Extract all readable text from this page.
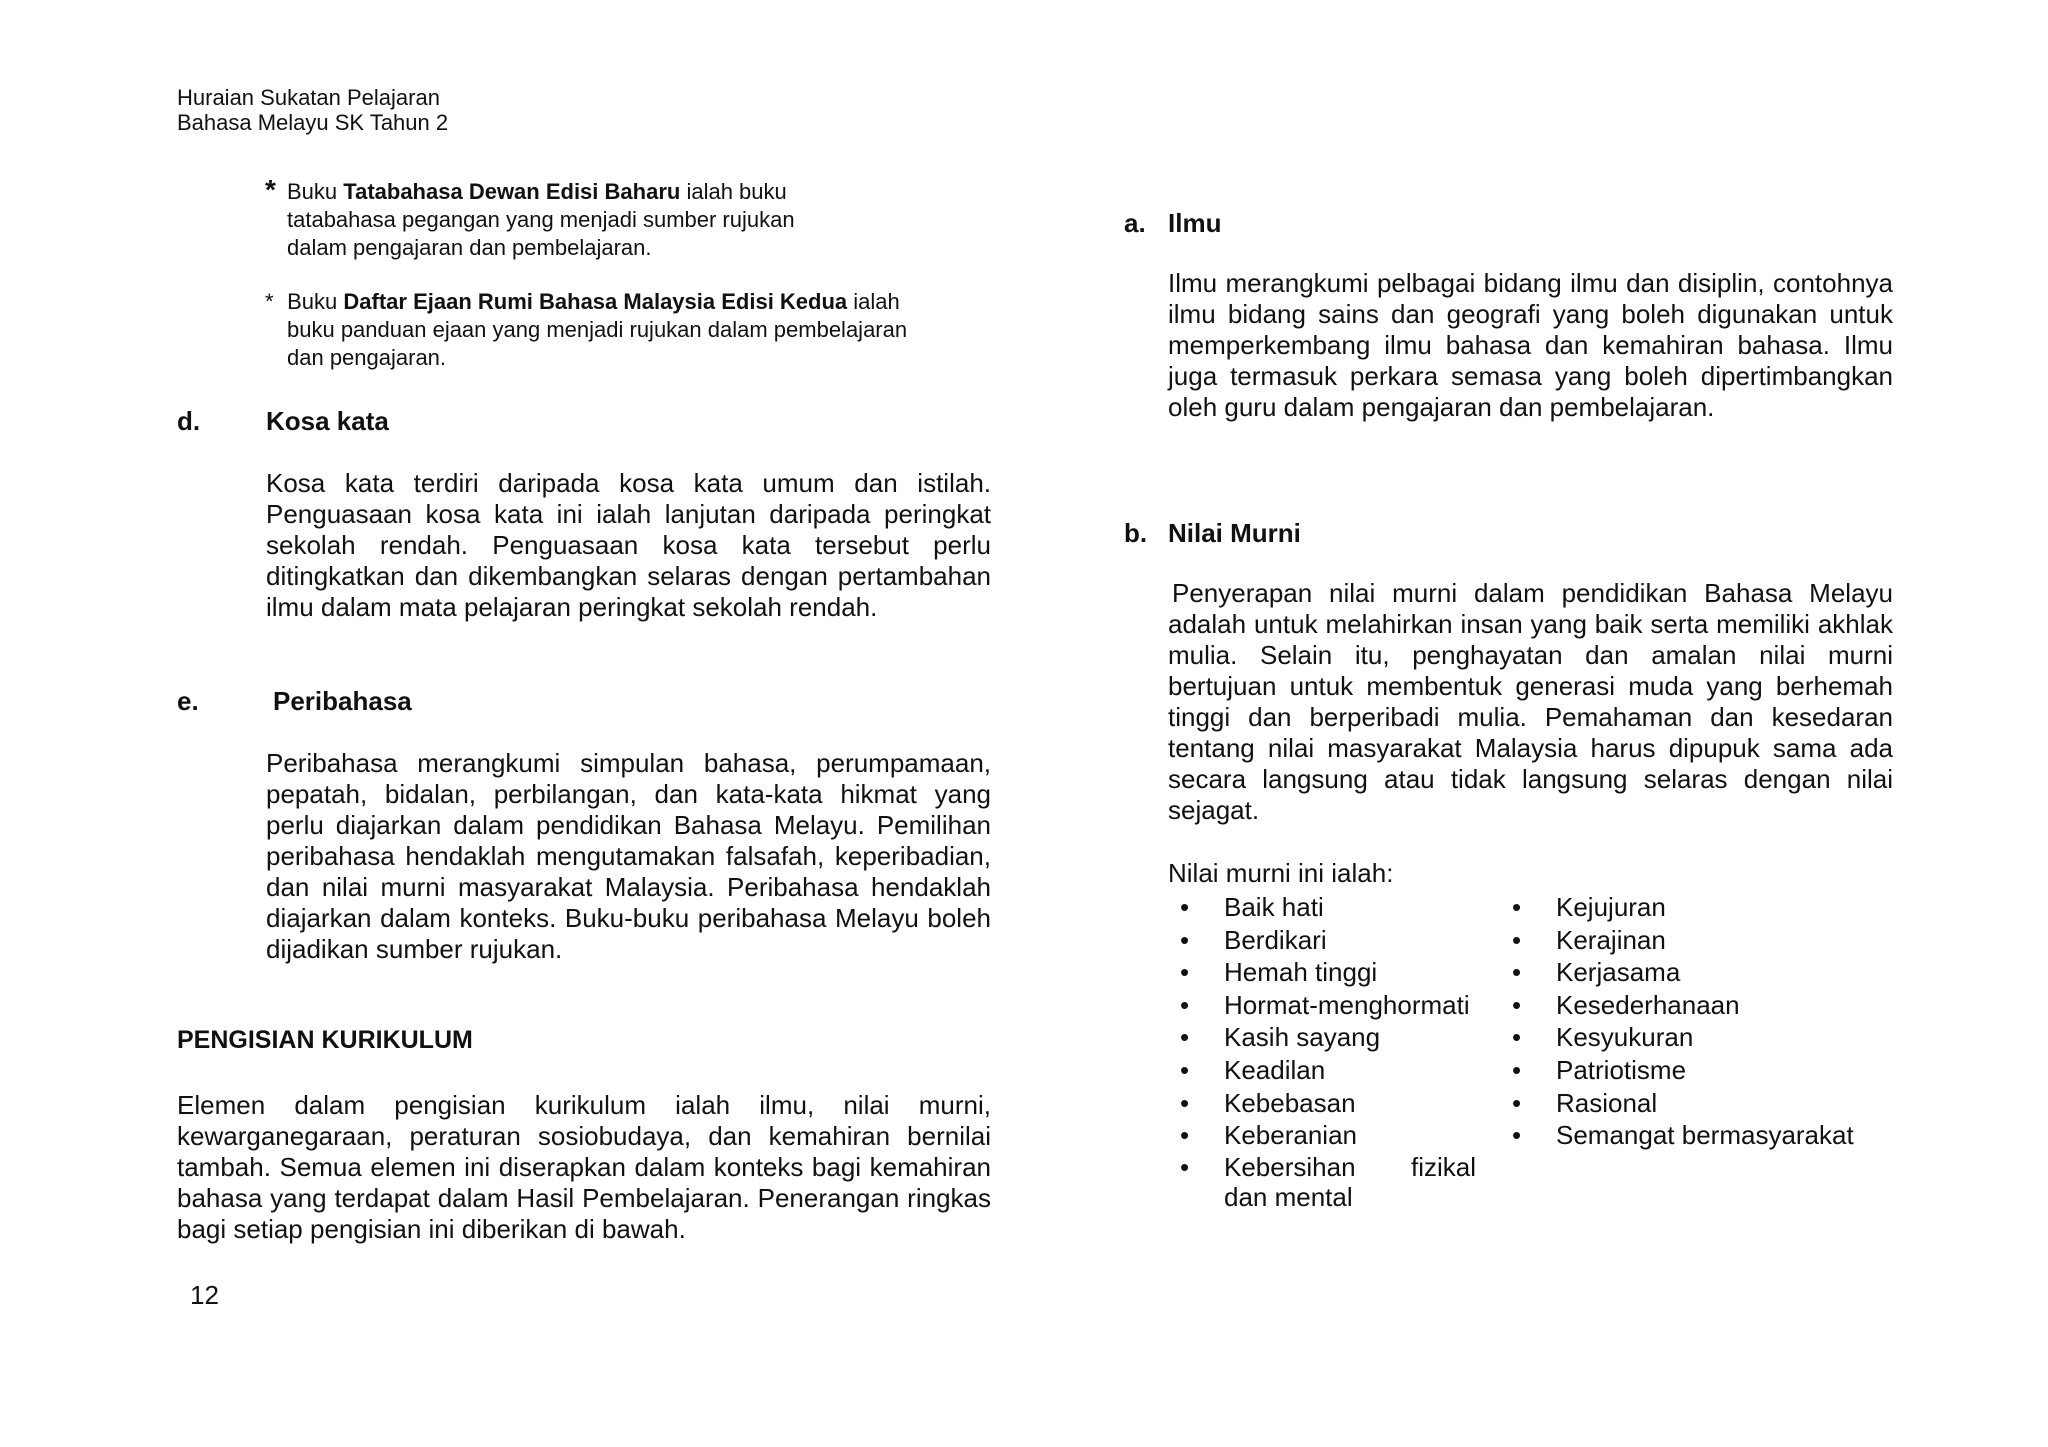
Huraian Sukatan Pelajaran
Bahasa Melayu SK Tahun 2
* Buku Tatabahasa Dewan Edisi Baharu ialah buku
tatabahasa pegangan yang menjadi sumber rujukan
dalam pengajaran dan pembelajaran.
* Buku Daftar Ejaan Rumi Bahasa Malaysia Edisi Kedua ialah
buku panduan ejaan yang menjadi rujukan dalam pembelajaran
dan pengajaran.
d.	Kosa kata
Kosa kata terdiri daripada kosa kata umum dan istilah. Penguasaan kosa kata ini ialah lanjutan daripada peringkat sekolah rendah. Penguasaan kosa kata tersebut perlu ditingkatkan dan dikembangkan selaras dengan pertambahan ilmu dalam mata pelajaran peringkat sekolah rendah.
e.	Peribahasa
Peribahasa merangkumi simpulan bahasa, perumpamaan, pepatah, bidalan, perbilangan, dan kata-kata hikmat yang perlu diajarkan dalam pendidikan Bahasa Melayu. Pemilihan peribahasa hendaklah mengutamakan falsafah, keperibadian, dan nilai murni masyarakat Malaysia. Peribahasa hendaklah diajarkan dalam konteks. Buku-buku peribahasa Melayu boleh dijadikan sumber rujukan.
PENGISIAN KURIKULUM
Elemen dalam pengisian kurikulum ialah ilmu, nilai murni, kewarganegaraan, peraturan sosiobudaya, dan kemahiran bernilai tambah. Semua elemen ini diserapkan dalam konteks bagi kemahiran bahasa yang terdapat dalam Hasil Pembelajaran. Penerangan ringkas bagi setiap pengisian ini diberikan di bawah.
12
a. Ilmu
Ilmu merangkumi pelbagai bidang ilmu dan disiplin, contohnya ilmu bidang sains dan geografi yang boleh digunakan untuk memperkembang ilmu bahasa dan kemahiran bahasa. Ilmu juga termasuk perkara semasa yang boleh dipertimbangkan oleh guru dalam pengajaran dan pembelajaran.
b. Nilai Murni
Penyerapan nilai murni dalam pendidikan Bahasa Melayu adalah untuk melahirkan insan yang baik serta memiliki akhlak mulia. Selain itu, penghayatan dan amalan nilai murni bertujuan untuk membentuk generasi muda yang berhemah tinggi dan berperibadi mulia. Pemahaman dan kesedaran tentang nilai masyarakat Malaysia harus dipupuk sama ada secara langsung atau tidak langsung selaras dengan nilai sejagat.
Nilai murni ini ialah:
• Baik hati
• Berdikari
• Hemah tinggi
• Hormat-menghormati
• Kasih sayang
• Keadilan
• Kebebasan
• Keberanian
• Kebersihan fizikal dan mental
• Kejujuran
• Kerajinan
• Kerjasama
• Kesederhanaan
• Kesyukuran
• Patriotisme
• Rasional
• Semangat bermasyarakat
